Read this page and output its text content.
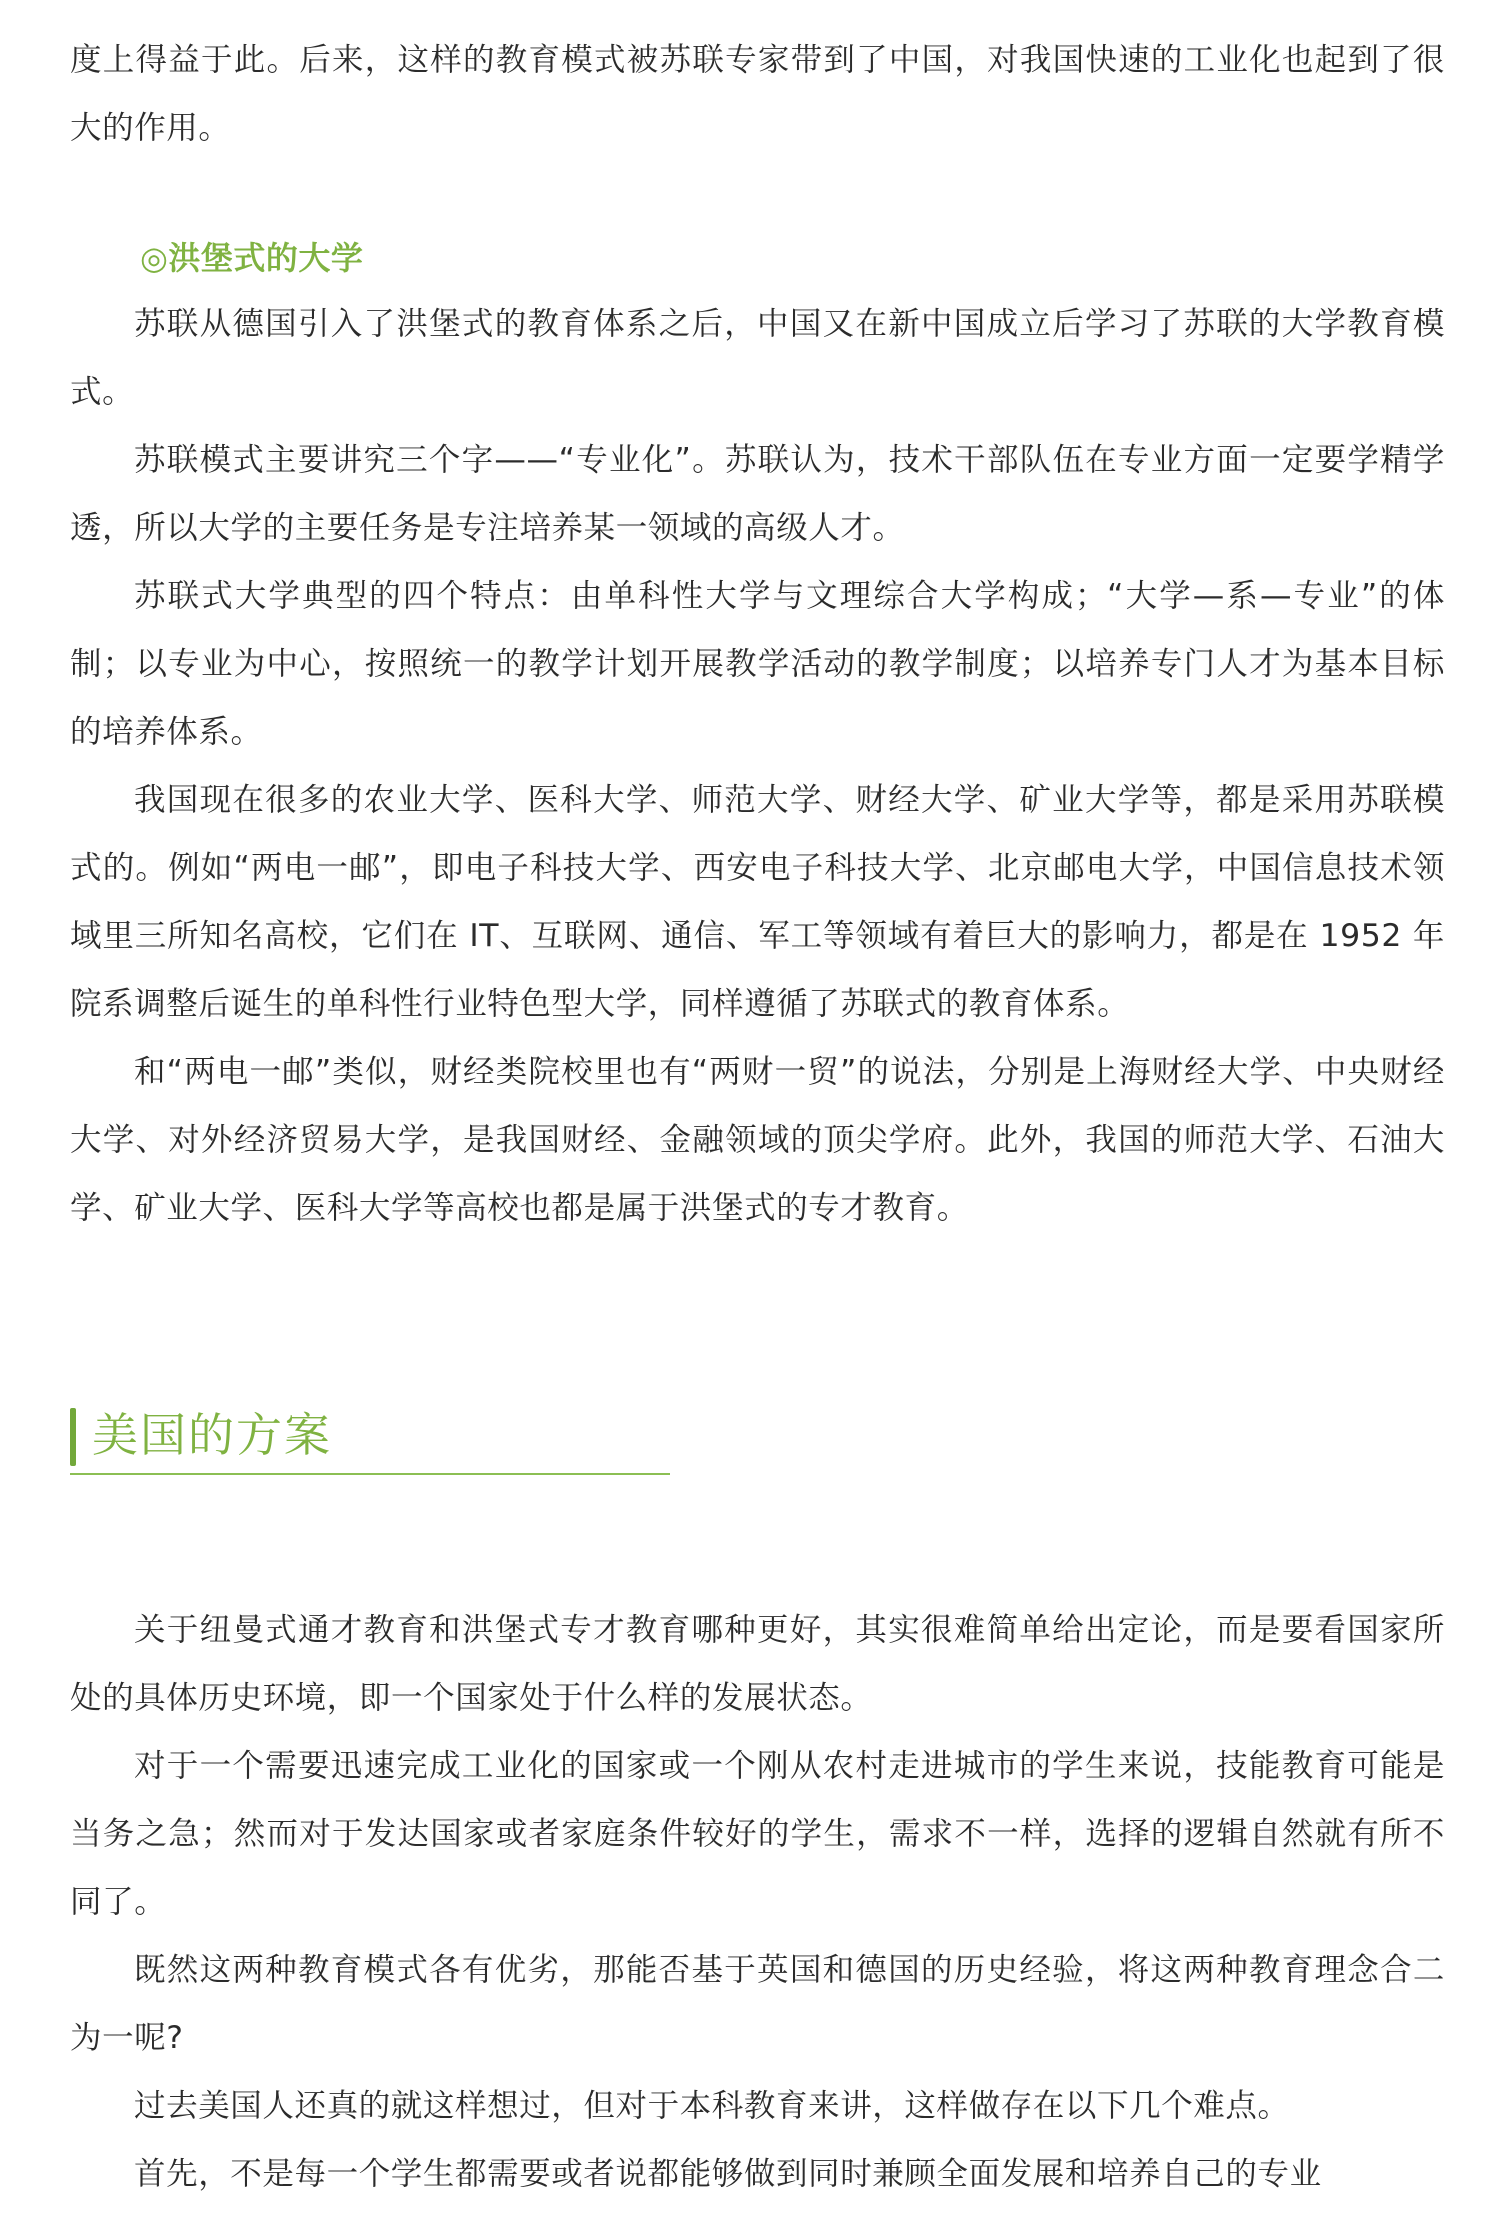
度上得益于此。后来，这样的教育模式被苏联专家带到了中国，对我国快速的工业化也起到了很大的作用。

◎洪堡式的大学

苏联从德国引入了洪堡式的教育体系之后，中国又在新中国成立后学习了苏联的大学教育模式。

苏联模式主要讲究三个字——“专业化”。苏联认为，技术干部队伍在专业方面一定要学精学透，所以大学的主要任务是专注培养某一领域的高级人才。

苏联式大学典型的四个特点：由单科性大学与文理综合大学构成；“大学—系—专业”的体制；以专业为中心，按照统一的教学计划开展教学活动的教学制度；以培养专门人才为基本目标的培养体系。

我国现在很多的农业大学、医科大学、师范大学、财经大学、矿业大学等，都是采用苏联模式的。例如“两电一邮”，即电子科技大学、西安电子科技大学、北京邮电大学，中国信息技术领域里三所知名高校，它们在 IT、互联网、通信、军工等领域有着巨大的影响力，都是在 1952 年院系调整后诞生的单科性行业特色型大学，同样遵循了苏联式的教育体系。

和“两电一邮”类似，财经类院校里也有“两财一贸”的说法，分别是上海财经大学、中央财经大学、对外经济贸易大学，是我国财经、金融领域的顶尖学府。此外，我国的师范大学、石油大学、矿业大学、医科大学等高校也都是属于洪堡式的专才教育。

美国的方案

关于纽曼式通才教育和洪堡式专才教育哪种更好，其实很难简单给出定论，而是要看国家所处的具体历史环境，即一个国家处于什么样的发展状态。

对于一个需要迅速完成工业化的国家或一个刚从农村走进城市的学生来说，技能教育可能是当务之急；然而对于发达国家或者家庭条件较好的学生，需求不一样，选择的逻辑自然就有所不同了。

既然这两种教育模式各有优劣，那能否基于英国和德国的历史经验，将这两种教育理念合二为一呢?

过去美国人还真的就这样想过，但对于本科教育来讲，这样做存在以下几个难点。

首先，不是每一个学生都需要或者说都能够做到同时兼顾全面发展和培养自己的专业
